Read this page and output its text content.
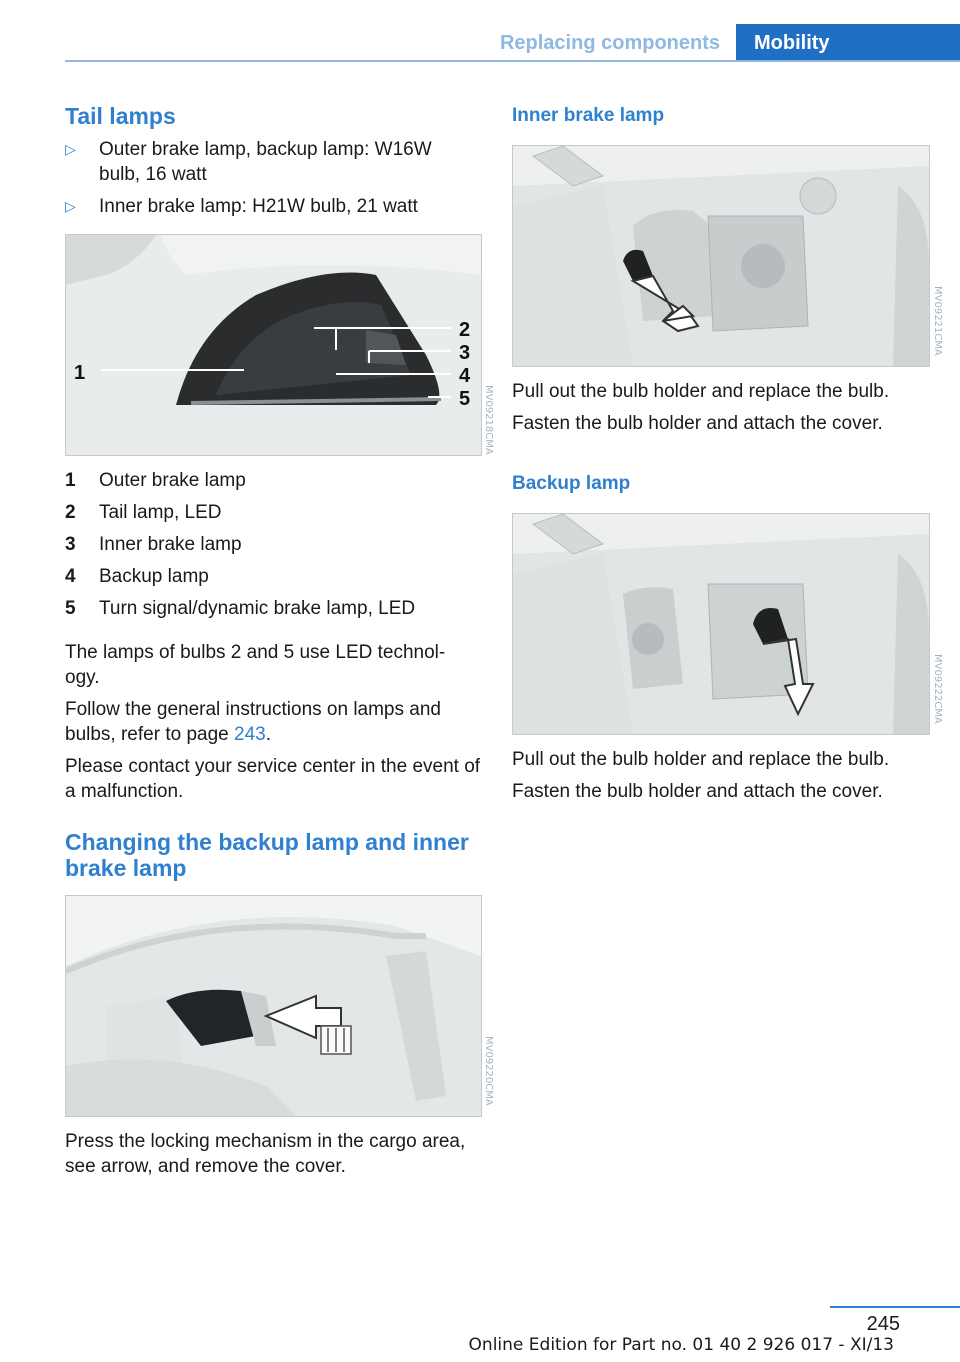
Replacing components	Mobility
Tail lamps
▷ Outer brake lamp, backup lamp: W16W bulb, 16 watt
▷ Inner brake lamp: H21W bulb, 21 watt
1
2
3
4
5 MV09218CMA
1 Outer brake lamp
2 Tail lamp, LED
3 Inner brake lamp
4 Backup lamp
5 Turn signal/dynamic brake lamp, LED

The lamps of bulbs 2 and 5 use LED technol‐ogy.

Follow the general instructions on lamps and bulbs, refer to page 243.

Please contact your service center in the event of a malfunction.

Changing the backup lamp and inner brake lamp
MV09220CMA

Press the locking mechanism in the cargo area, see arrow, and remove the cover.

Inner brake lamp
MV09221CMA

Pull out the bulb holder and replace the bulb.

Fasten the bulb holder and attach the cover.

Backup lamp
MV09222CMA

Pull out the bulb holder and replace the bulb.

Fasten the bulb holder and attach the cover.

245
Online Edition for Part no. 01 40 2 926 017 - XI/13
